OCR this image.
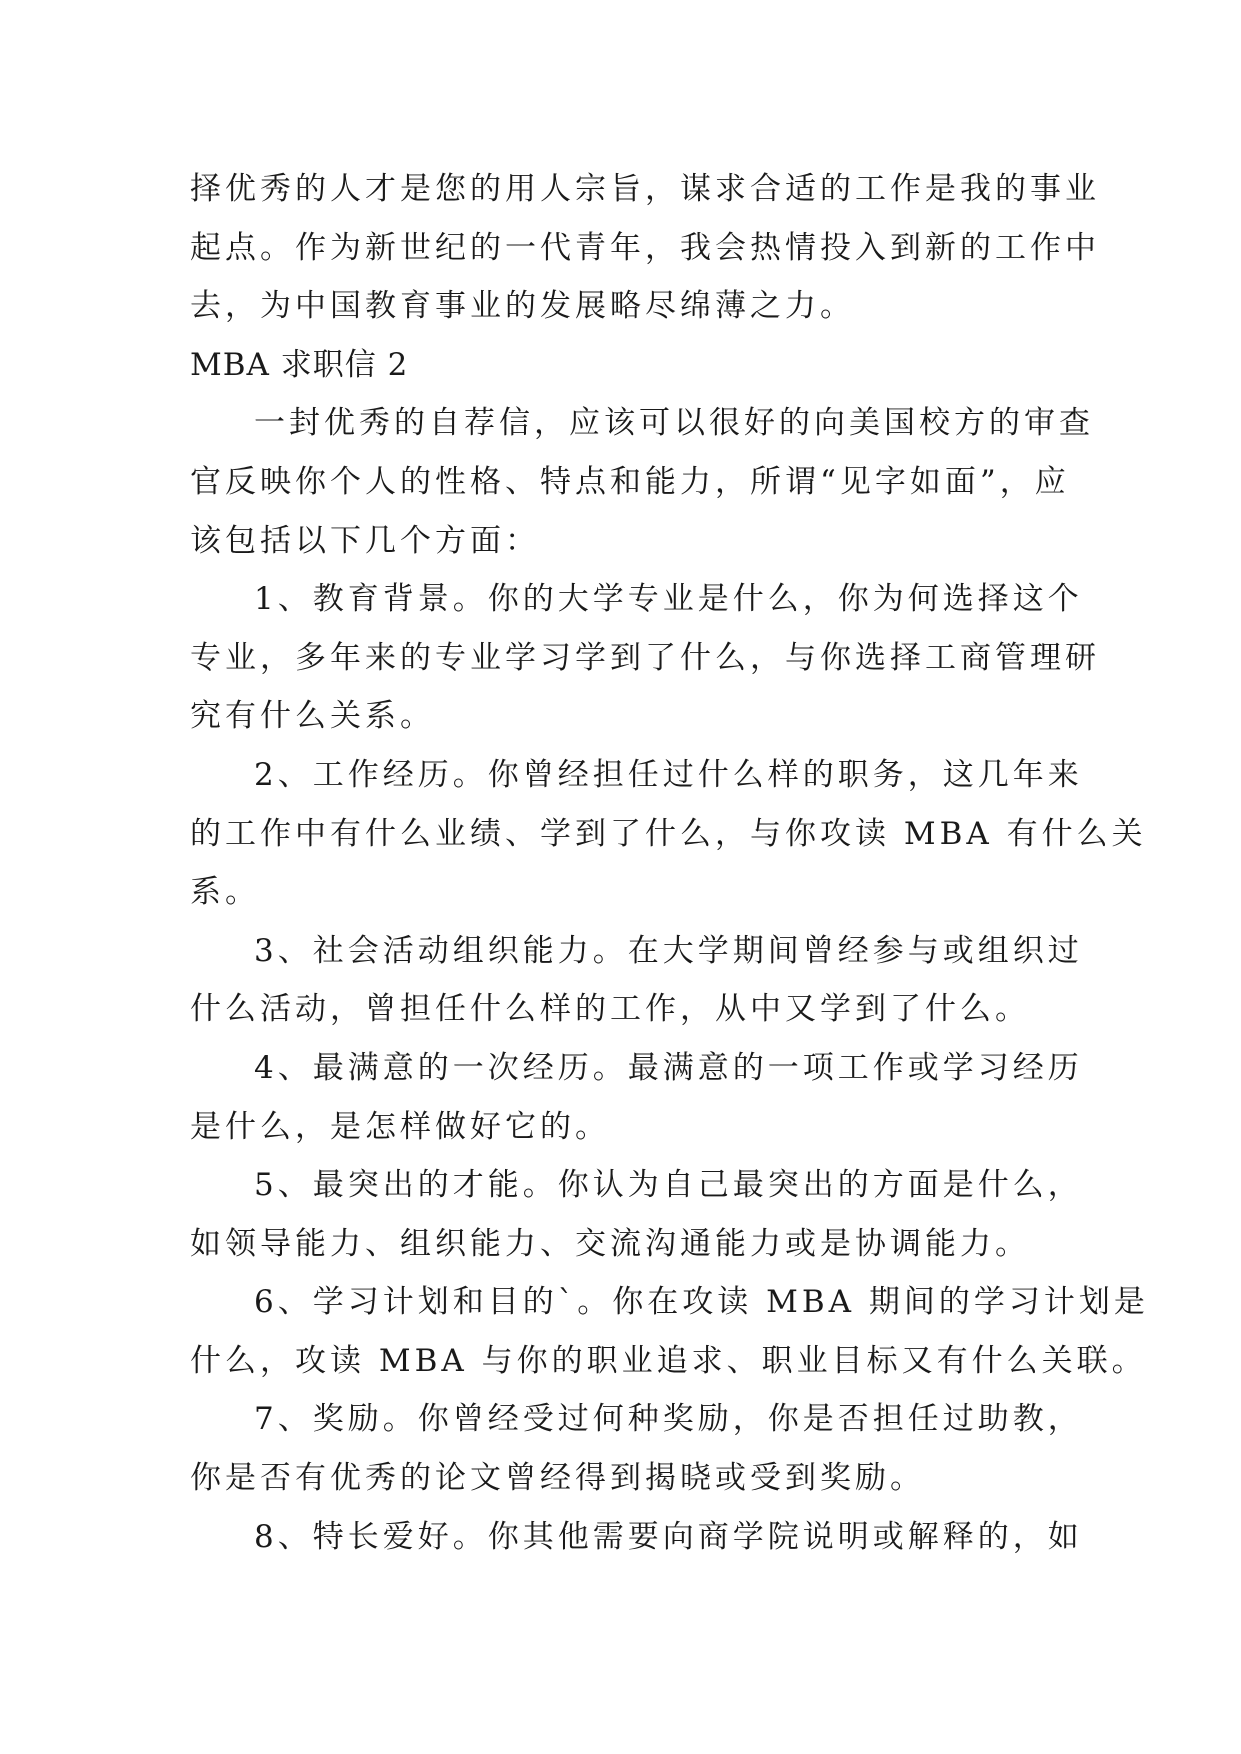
择优秀的人才是您的用人宗旨，谋求合适的工作是我的事业
起点。作为新世纪的一代青年，我会热情投入到新的工作中
去，为中国教育事业的发展略尽绵薄之力。
MBA 求职信 2
一封优秀的自荐信，应该可以很好的向美国校方的审查
官反映你个人的性格、特点和能力，所谓“见字如面”，应
该包括以下几个方面：
1、教育背景。你的大学专业是什么，你为何选择这个
专业，多年来的专业学习学到了什么，与你选择工商管理研
究有什么关系。
2、工作经历。你曾经担任过什么样的职务，这几年来
的工作中有什么业绩、学到了什么，与你攻读 MBA 有什么关
系。
3、社会活动组织能力。在大学期间曾经参与或组织过
什么活动，曾担任什么样的工作，从中又学到了什么。
4、最满意的一次经历。最满意的一项工作或学习经历
是什么，是怎样做好它的。
5、最突出的才能。你认为自己最突出的方面是什么，
如领导能力、组织能力、交流沟通能力或是协调能力。
6、学习计划和目的`。你在攻读 MBA 期间的学习计划是
什么，攻读 MBA 与你的职业追求、职业目标又有什么关联。
7、奖励。你曾经受过何种奖励，你是否担任过助教，
你是否有优秀的论文曾经得到揭晓或受到奖励。
8、特长爱好。你其他需要向商学院说明或解释的，如
